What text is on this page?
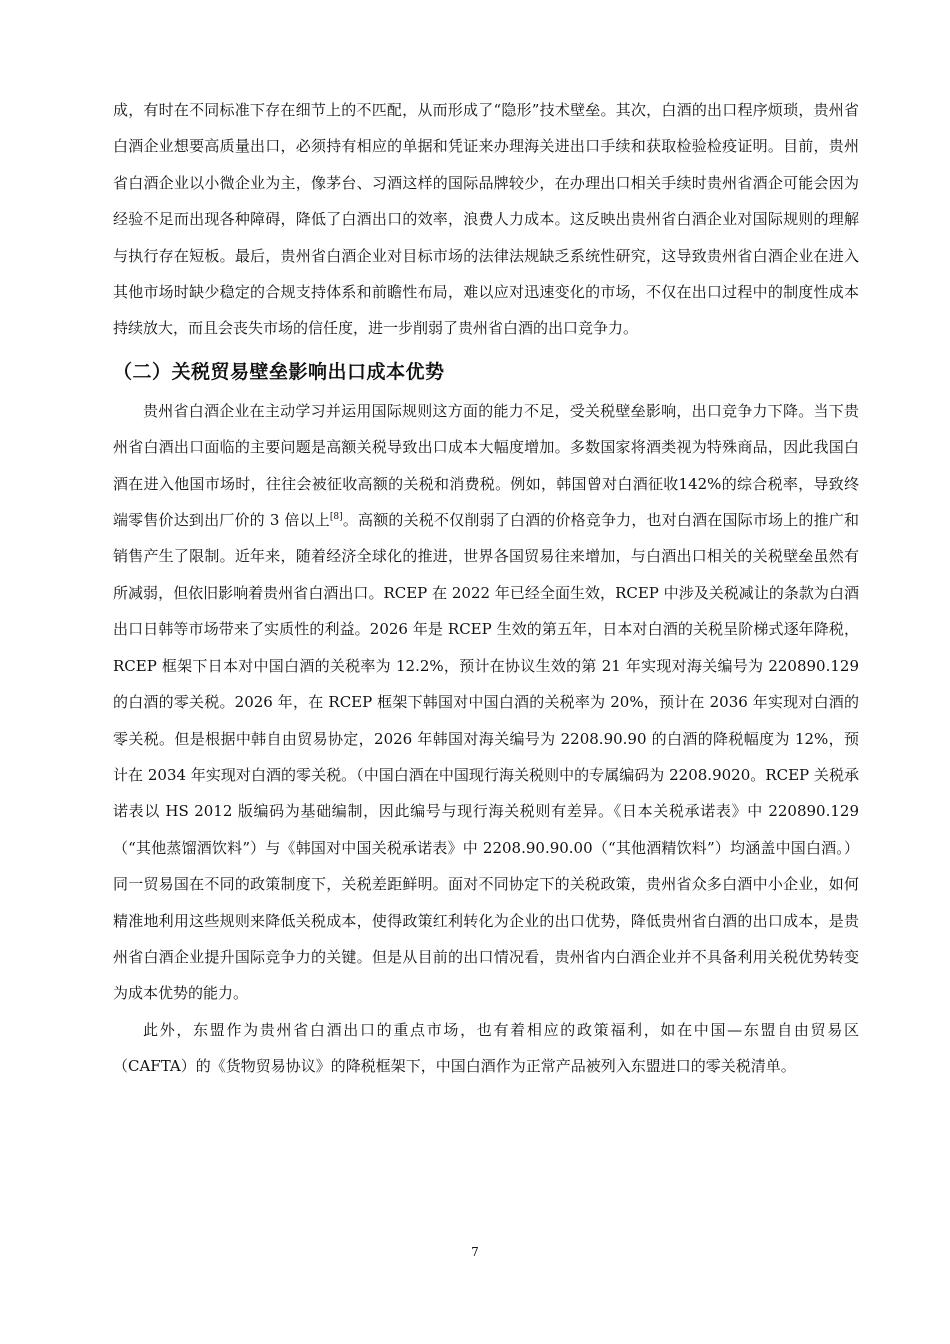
成，有时在不同标准下存在细节上的不匹配，从而形成了“隐形”技术壁垒。其次，白酒的出口程序烦琐，贵州省白酒企业想要高质量出口，必须持有相应的单据和凭证来办理海关进出口手续和获取检验检疫证明。目前，贵州省白酒企业以小微企业为主，像茅台、习酒这样的国际品牌较少，在办理出口相关手续时贵州省酒企可能会因为经验不足而出现各种障碍，降低了白酒出口的效率，浪费人力成本。这反映出贵州省白酒企业对国际规则的理解与执行存在短板。最后，贵州省白酒企业对目标市场的法律法规缺乏系统性研究，这导致贵州省白酒企业在进入其他市场时缺少稳定的合规支持体系和前瞻性布局，难以应对迅速变化的市场，不仅在出口过程中的制度性成本持续放大，而且会丧失市场的信任度，进一步削弱了贵州省白酒的出口竞争力。

（二）关税贸易壁垒影响出口成本优势

贵州省白酒企业在主动学习并运用国际规则这方面的能力不足，受关税壁垒影响，出口竞争力下降。当下贵州省白酒出口面临的主要问题是高额关税导致出口成本大幅度增加。多数国家将酒类视为特殊商品，因此我国白酒在进入他国市场时，往往会被征收高额的关税和消费税。例如，韩国曾对白酒征收142%的综合税率，导致终端零售价达到出厂价的 3 倍以上[8]。高额的关税不仅削弱了白酒的价格竞争力，也对白酒在国际市场上的推广和销售产生了限制。近年来，随着经济全球化的推进，世界各国贸易往来增加，与白酒出口相关的关税壁垒虽然有所减弱，但依旧影响着贵州省白酒出口。RCEP 在 2022 年已经全面生效，RCEP 中涉及关税减让的条款为白酒出口日韩等市场带来了实质性的利益。2026 年是 RCEP 生效的第五年，日本对白酒的关税呈阶梯式逐年降税，RCEP 框架下日本对中国白酒的关税率为 12.2%，预计在协议生效的第 21 年实现对海关编号为 220890.129 的白酒的零关税。2026 年，在 RCEP 框架下韩国对中国白酒的关税率为 20%，预计在 2036 年实现对白酒的零关税。但是根据中韩自由贸易协定，2026 年韩国对海关编号为 2208.90.90 的白酒的降税幅度为 12%，预计在 2034 年实现对白酒的零关税。（中国白酒在中国现行海关税则中的专属编码为 2208.9020。RCEP 关税承诺表以 HS 2012 版编码为基础编制，因此编号与现行海关税则有差异。《日本关税承诺表》中 220890.129（“其他蒸馏酒饮料”）与《韩国对中国关税承诺表》中 2208.90.90.00（“其他酒精饮料”）均涵盖中国白酒。）同一贸易国在不同的政策制度下，关税差距鲜明。面对不同协定下的关税政策，贵州省众多白酒中小企业，如何精准地利用这些规则来降低关税成本，使得政策红利转化为企业的出口优势，降低贵州省白酒的出口成本，是贵州省白酒企业提升国际竞争力的关键。但是从目前的出口情况看，贵州省内白酒企业并不具备利用关税优势转变为成本优势的能力。

此外，东盟作为贵州省白酒出口的重点市场，也有着相应的政策福利，如在中国—东盟自由贸易区（CAFTA）的《货物贸易协议》的降税框架下，中国白酒作为正常产品被列入东盟进口的零关税清单。

7
